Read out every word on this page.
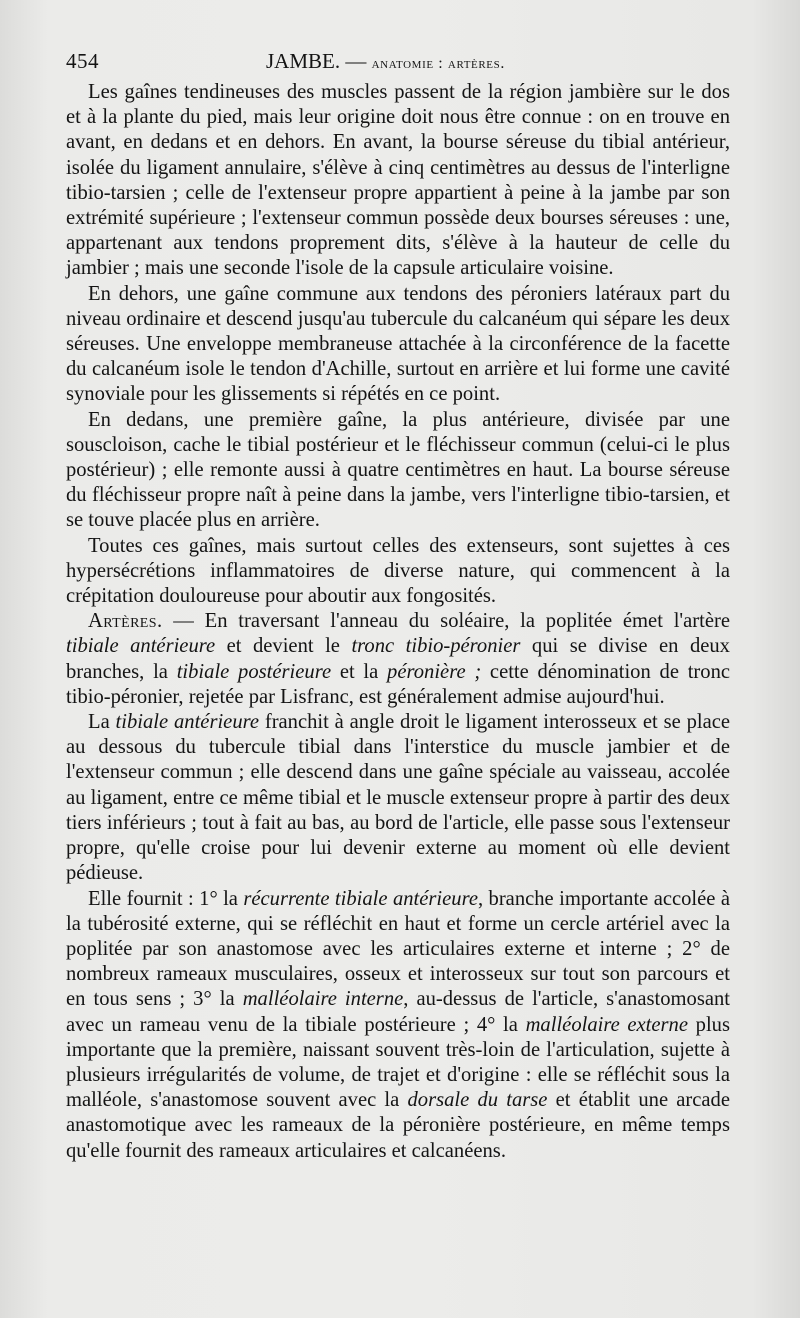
454	JAMBE. — anatomie : artères.

Les gaînes tendineuses des muscles passent de la région jambière sur le dos et à la plante du pied, mais leur origine doit nous être connue : on en trouve en avant, en dedans et en dehors. En avant, la bourse séreuse du tibial antérieur, isolée du ligament annulaire, s'élève à cinq centimètres au dessus de l'interligne tibio-tarsien ; celle de l'extenseur propre appartient à peine à la jambe par son extrémité supérieure ; l'extenseur commun possède deux bourses séreuses : une, appartenant aux tendons proprement dits, s'élève à la hauteur de celle du jambier ; mais une seconde l'isole de la capsule articulaire voisine.

En dehors, une gaîne commune aux tendons des péroniers latéraux part du niveau ordinaire et descend jusqu'au tubercule du calcanéum qui sépare les deux séreuses. Une enveloppe membraneuse attachée à la circonférence de la facette du calcanéum isole le tendon d'Achille, surtout en arrière et lui forme une cavité synoviale pour les glissements si répétés en ce point.

En dedans, une première gaîne, la plus antérieure, divisée par une souscloison, cache le tibial postérieur et le fléchisseur commun (celui-ci le plus postérieur) ; elle remonte aussi à quatre centimètres en haut. La bourse séreuse du fléchisseur propre naît à peine dans la jambe, vers l'interligne tibio-tarsien, et se touve placée plus en arrière.

Toutes ces gaînes, mais surtout celles des extenseurs, sont sujettes à ces hypersécrétions inflammatoires de diverse nature, qui commencent à la crépitation douloureuse pour aboutir aux fongosités.

Artères. — En traversant l'anneau du soléaire, la poplitée émet l'artère tibiale antérieure et devient le tronc tibio-péronier qui se divise en deux branches, la tibiale postérieure et la péronière ; cette dénomination de tronc tibio-péronier, rejetée par Lisfranc, est généralement admise aujourd'hui.

La tibiale antérieure franchit à angle droit le ligament interosseux et se place au dessous du tubercule tibial dans l'interstice du muscle jambier et de l'extenseur commun ; elle descend dans une gaîne spéciale au vaisseau, accolée au ligament, entre ce même tibial et le muscle extenseur propre à partir des deux tiers inférieurs ; tout à fait au bas, au bord de l'article, elle passe sous l'extenseur propre, qu'elle croise pour lui devenir externe au moment où elle devient pédieuse.

Elle fournit : 1° la récurrente tibiale antérieure, branche importante accolée à la tubérosité externe, qui se réfléchit en haut et forme un cercle artériel avec la poplitée par son anastomose avec les articulaires externe et interne ; 2° de nombreux rameaux musculaires, osseux et interosseux sur tout son parcours et en tous sens ; 3° la malléolaire interne, au-dessus de l'article, s'anastomosant avec un rameau venu de la tibiale postérieure ; 4° la malléolaire externe plus importante que la première, naissant souvent très-loin de l'articulation, sujette à plusieurs irrégularités de volume, de trajet et d'origine : elle se réfléchit sous la malléole, s'anastomose souvent avec la dorsale du tarse et établit une arcade anastomotique avec les rameaux de la péronière postérieure, en même temps qu'elle fournit des rameaux articulaires et calcanéens.
